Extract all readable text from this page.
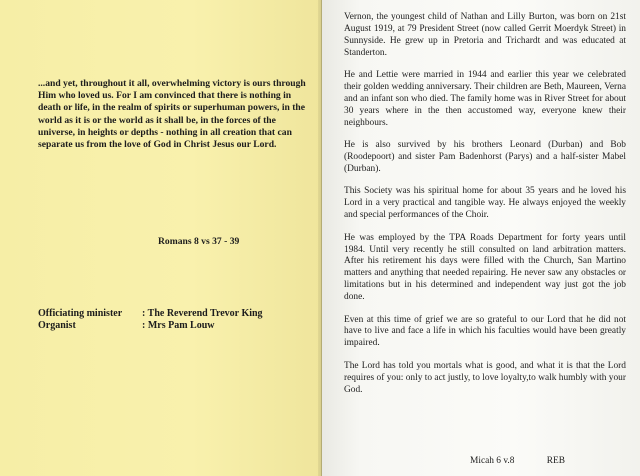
...and yet, throughout it all, overwhelming victory is ours through Him who loved us. For I am convinced that there is nothing in death or life, in the realm of spirits or superhuman powers, in the world as it is or the world as it shall be, in the forces of the universe, in heights or depths - nothing in all creation that can separate us from the love of God in Christ Jesus our Lord.
Romans 8 vs 37 - 39
Officiating minister	: The Reverend Trevor King
Organist	: Mrs Pam Louw

Vernon, the youngest child of Nathan and Lilly Burton, was born on 21st August 1919, at 79 President Street (now called Gerrit Moerdyk Street) in Sunnyside. He grew up in Pretoria and Trichardt and was educated at Standerton.

He and Lettie were married in 1944 and earlier this year we celebrated their golden wedding anniversary. Their children are Beth, Maureen, Verna and an infant son who died. The family home was in River Street for about 30 years where in the then accustomed way, everyone knew their neighbours.

He is also survived by his brothers Leonard (Durban) and Bob (Roodepoort) and sister Pam Badenhorst (Parys) and a half-sister Mabel (Durban).

This Society was his spiritual home for about 35 years and he loved his Lord in a very practical and tangible way. He always enjoyed the weekly and special performances of the Choir.

He was employed by the TPA Roads Department for forty years until 1984. Until very recently he still consulted on land arbitration matters. After his retirement his days were filled with the Church, San Martino matters and anything that needed repairing. He never saw any obstacles or limitations but in his determined and independent way just got the job done.

Even at this time of grief we are so grateful to our Lord that he did not have to live and face a life in which his faculties would have been greatly impaired.

The Lord has told you mortals what is good, and what it is that the Lord requires of you: only to act justly, to love loyalty,to walk humbly with your God.

Micah 6 v.8	REB
